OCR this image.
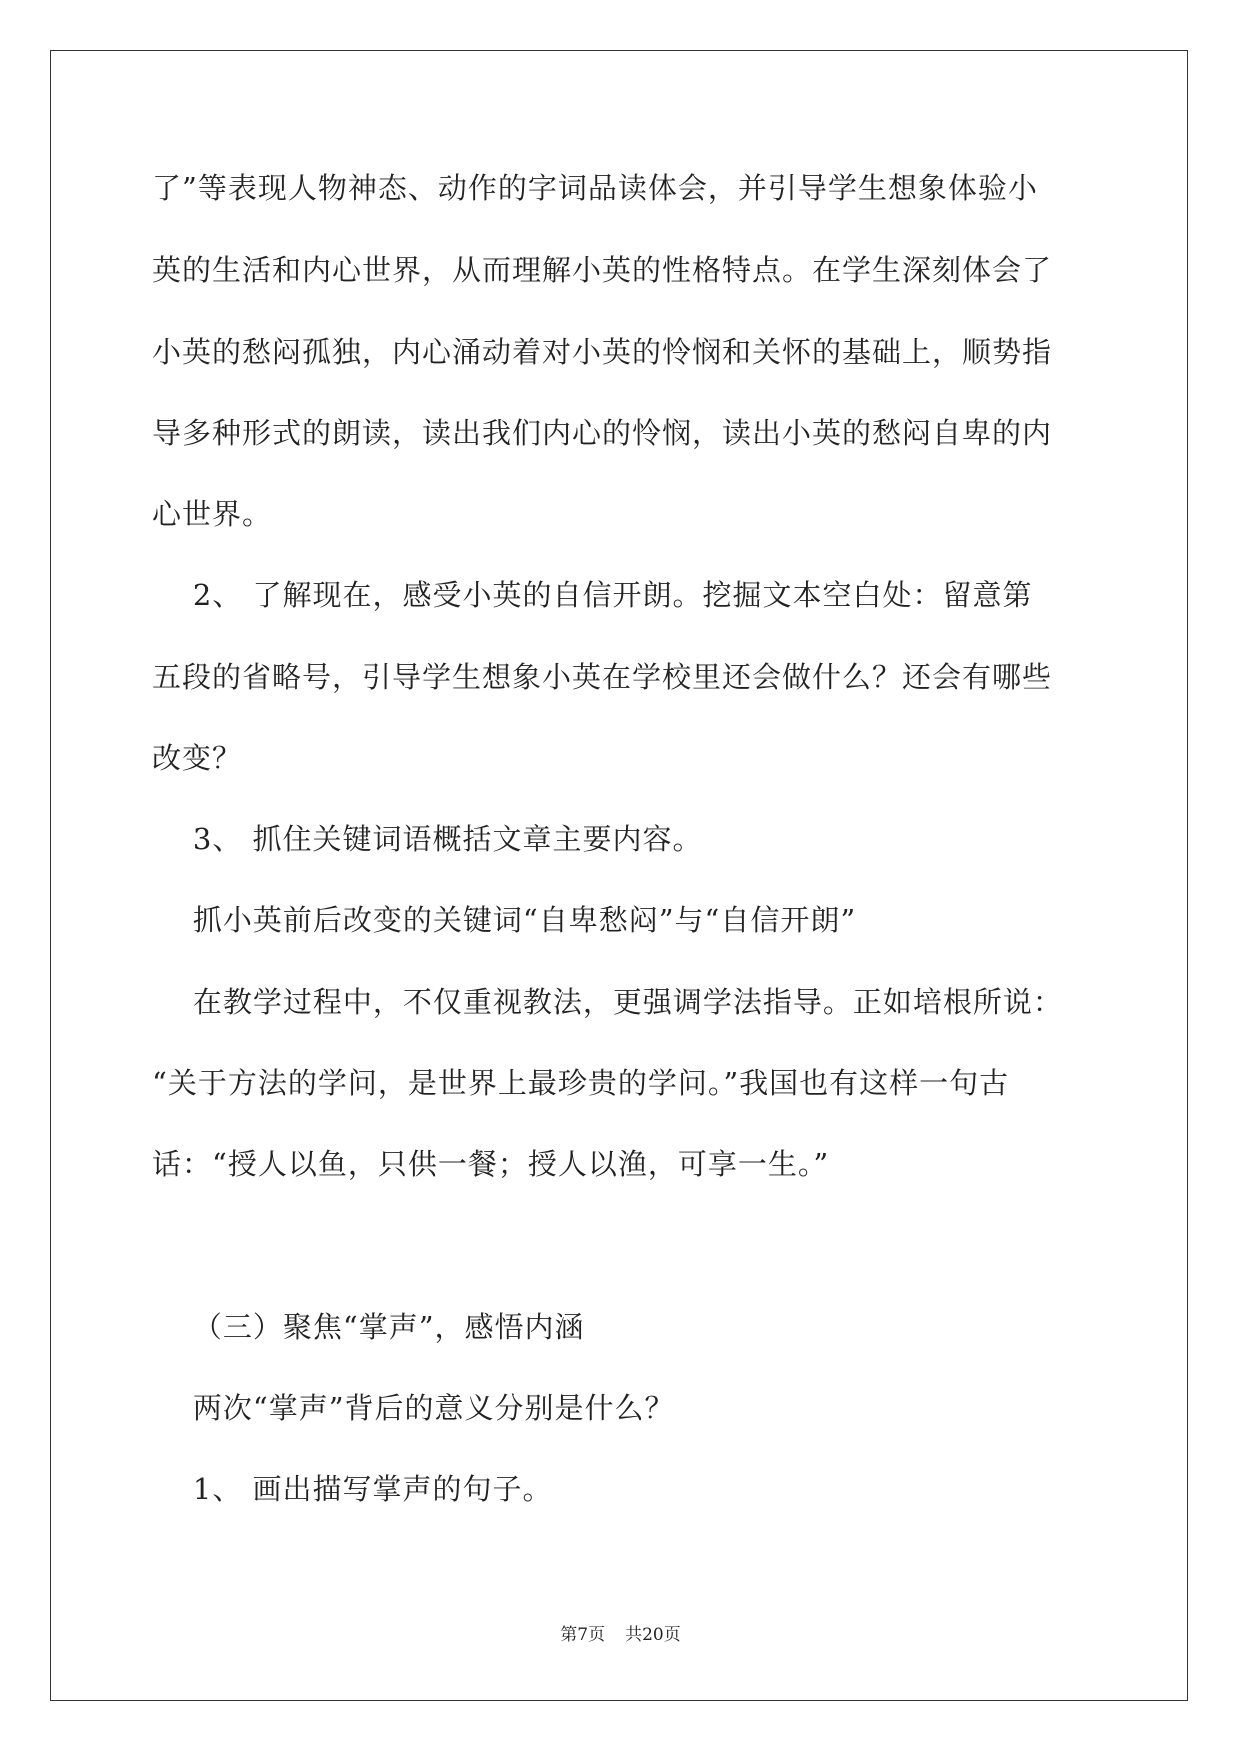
了”等表现人物神态、动作的字词品读体会，并引导学生想象体验小
英的生活和内心世界，从而理解小英的性格特点。在学生深刻体会了
小英的愁闷孤独，内心涌动着对小英的怜悯和关怀的基础上，顺势指
导多种形式的朗读，读出我们内心的怜悯，读出小英的愁闷自卑的内
心世界。
2、 了解现在，感受小英的自信开朗。挖掘文本空白处：留意第
五段的省略号，引导学生想象小英在学校里还会做什么？还会有哪些
改变？
3、 抓住关键词语概括文章主要内容。
抓小英前后改变的关键词“自卑愁闷”与“自信开朗”
在教学过程中，不仅重视教法，更强调学法指导。正如培根所说：
“关于方法的学问，是世界上最珍贵的学问。”我国也有这样一句古
话：“授人以鱼，只供一餐；授人以渔，可享一生。”
（三）聚焦“掌声”，感悟内涵
两次“掌声”背后的意义分别是什么？
1、 画出描写掌声的句子。
第7页 共20页
